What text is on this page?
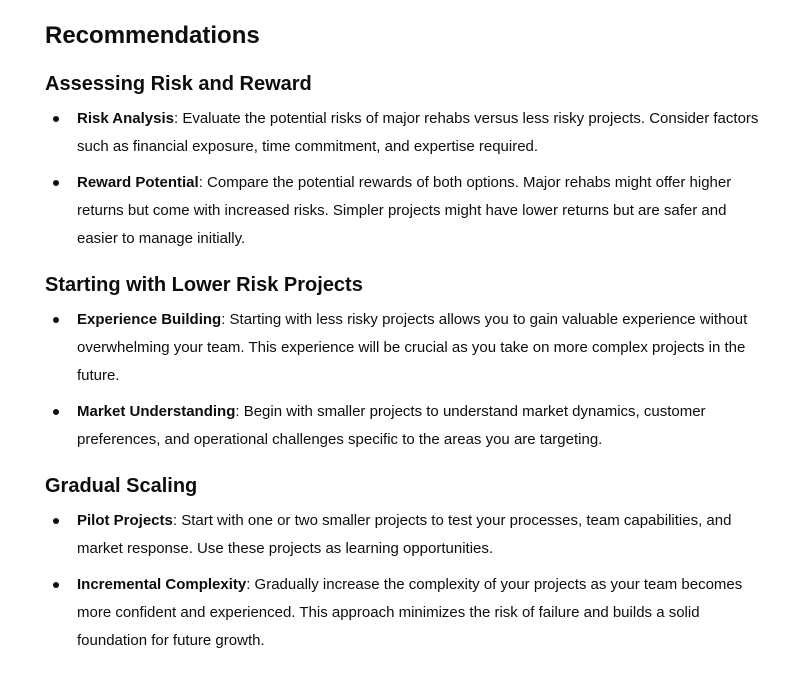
Recommendations
Assessing Risk and Reward
Risk Analysis: Evaluate the potential risks of major rehabs versus less risky projects. Consider factors such as financial exposure, time commitment, and expertise required.
Reward Potential: Compare the potential rewards of both options. Major rehabs might offer higher returns but come with increased risks. Simpler projects might have lower returns but are safer and easier to manage initially.
Starting with Lower Risk Projects
Experience Building: Starting with less risky projects allows you to gain valuable experience without overwhelming your team. This experience will be crucial as you take on more complex projects in the future.
Market Understanding: Begin with smaller projects to understand market dynamics, customer preferences, and operational challenges specific to the areas you are targeting.
Gradual Scaling
Pilot Projects: Start with one or two smaller projects to test your processes, team capabilities, and market response. Use these projects as learning opportunities.
Incremental Complexity: Gradually increase the complexity of your projects as your team becomes more confident and experienced. This approach minimizes the risk of failure and builds a solid foundation for future growth.
